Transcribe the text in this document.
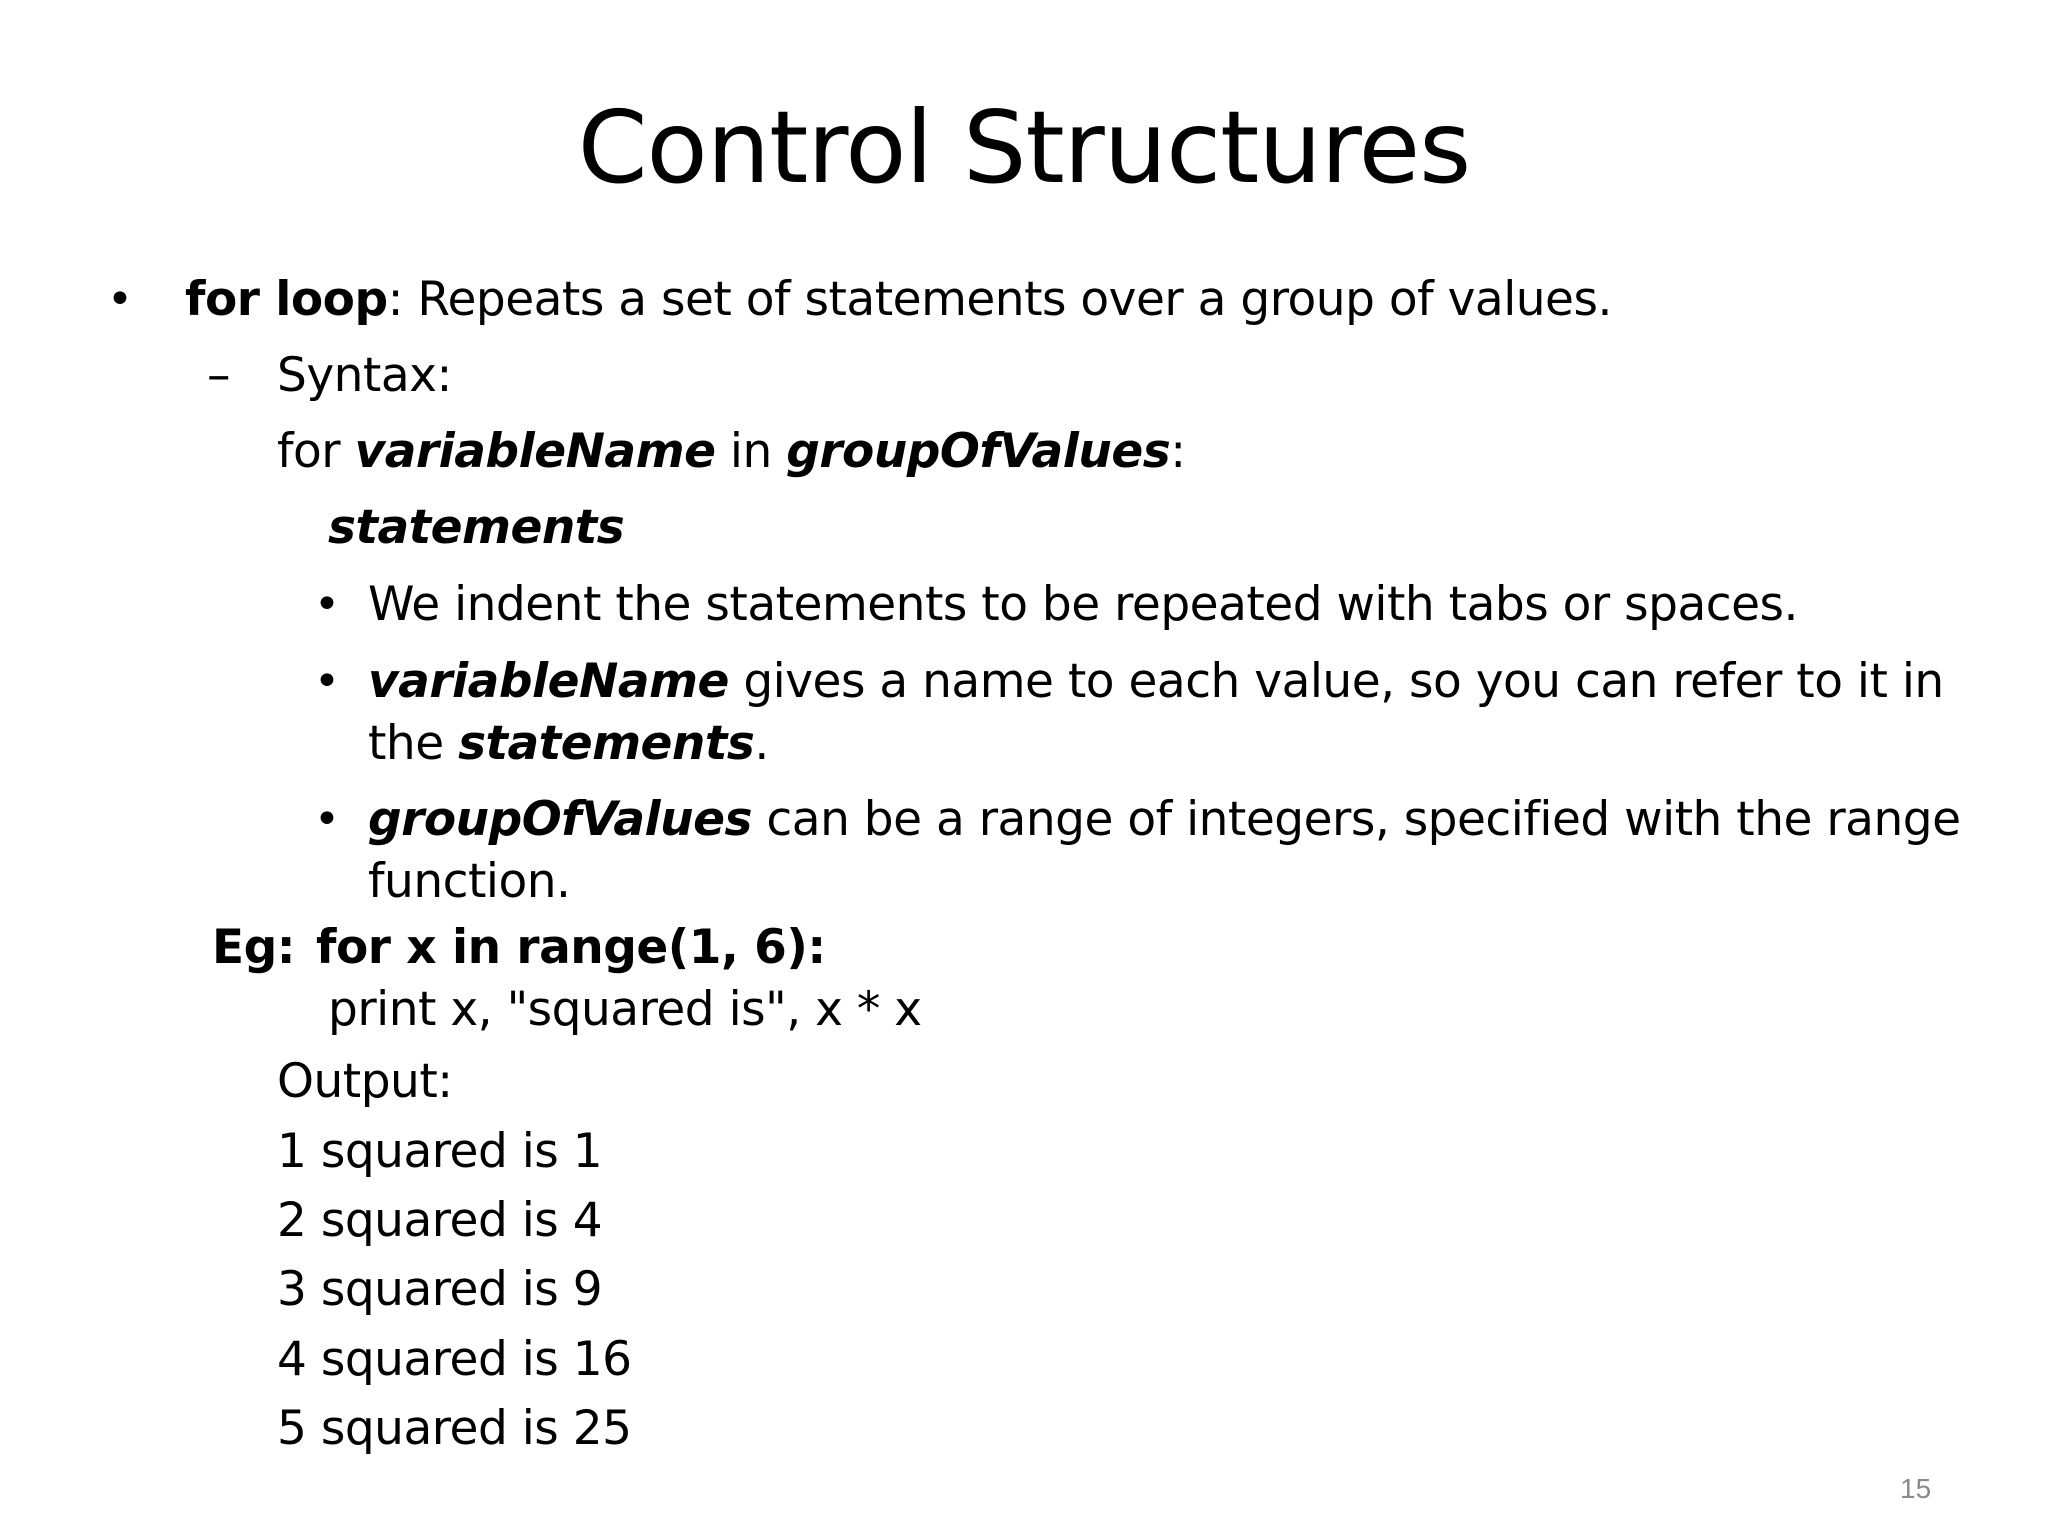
Control Structures
• for loop: Repeats a set of statements over a group of values.
– Syntax:
for variableName in groupOfValues:
statements
• We indent the statements to be repeated with tabs or spaces.
• variableName gives a name to each value, so you can refer to it in
the statements.
• groupOfValues can be a range of integers, specified with the range
function.
Eg: for x in range(1, 6):
print x, "squared is", x * x
Output:
1 squared is 1
2 squared is 4
3 squared is 9
4 squared is 16
5 squared is 25
15
